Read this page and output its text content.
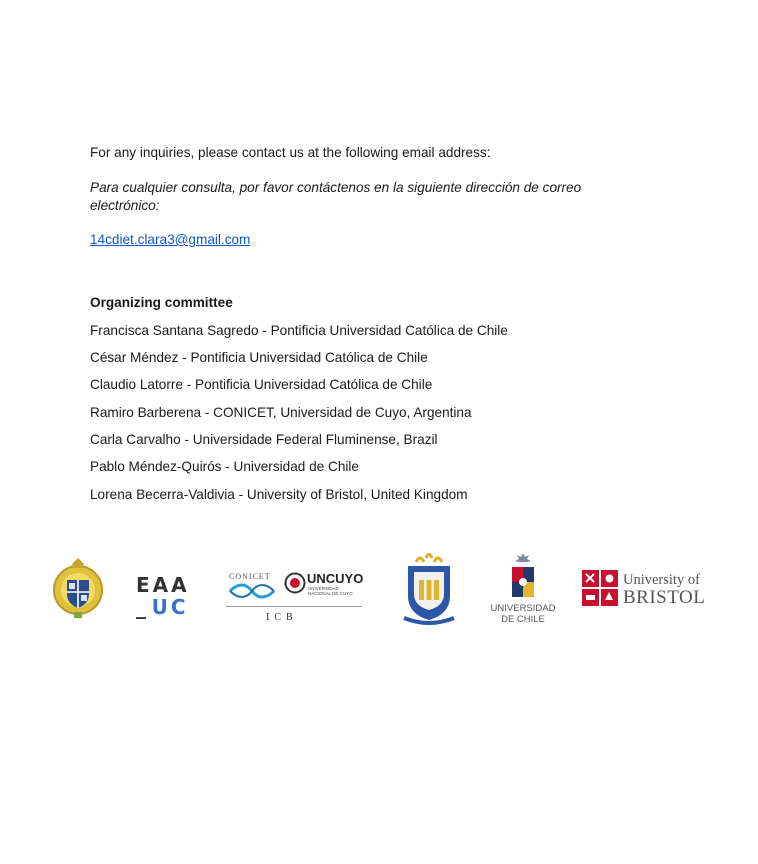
For any inquiries, please contact us at the following email address:
Para cualquier consulta, por favor contáctenos en la siguiente dirección de correo electrónico:
14cdiet.clara3@gmail.com
Organizing committee
Francisca Santana Sagredo - Pontificia Universidad Católica de Chile
César Méndez - Pontificia Universidad Católica de Chile
Claudio Latorre - Pontificia Universidad Católica de Chile
Ramiro Barberena - CONICET, Universidad de Cuyo, Argentina
Carla Carvalho - Universidade Federal Fluminense, Brazil
Pablo Méndez-Quirós - Universidad de Chile
Lorena Becerra-Valdivia - University of Bristol, United Kingdom
EAA
_ UC
CONICET	UNCUYO
UNIVERSIDAD
NACIONAL DE CUYO
I  C  B
UNIVERSIDAD
DE CHILE
University of
BRISTOL
